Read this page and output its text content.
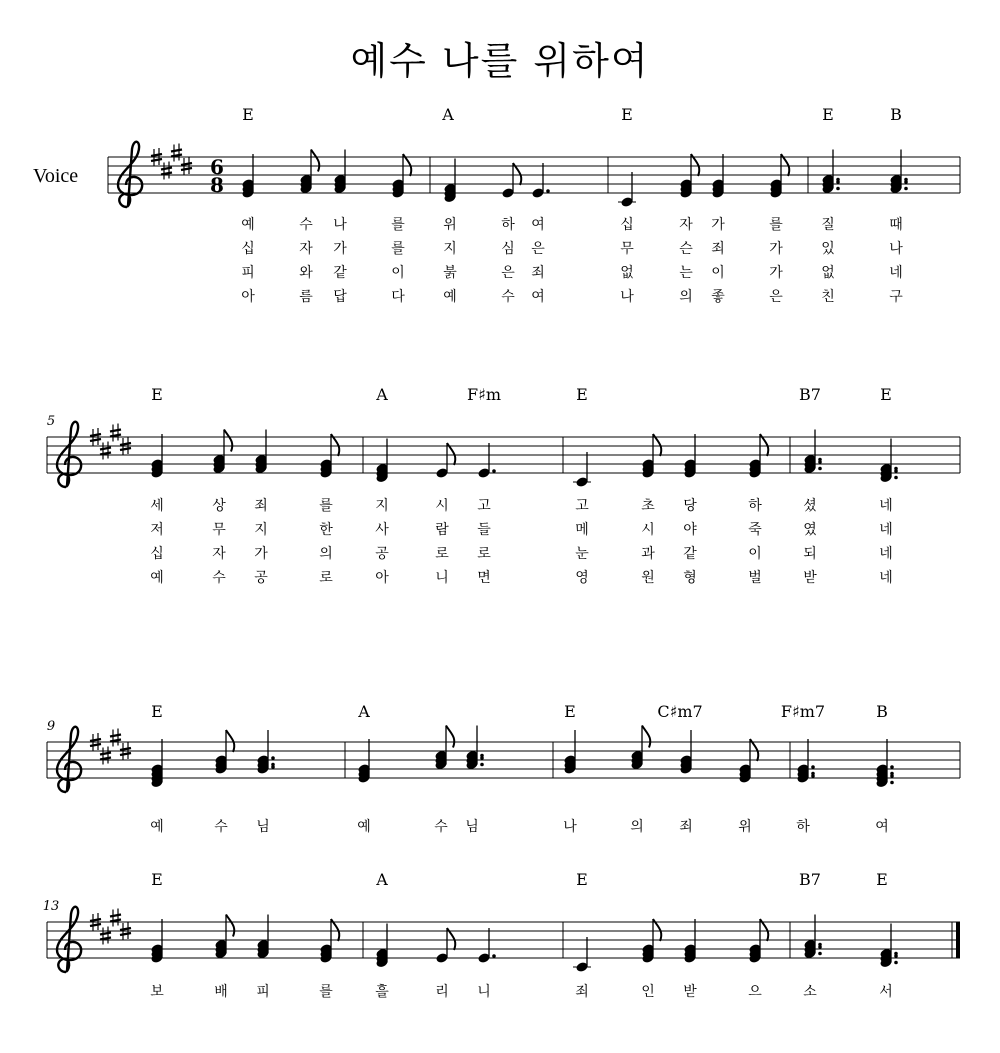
예수 나를 위하여
Voice	6
8
E	A	E	E	B
예	수 나	를	위	하 여	십	자 가	를	질	때
십	자 가	를	지	심 은	무	슨 죄	가	있	나
피	와 같	이	붉	은 죄	없	는 이	가	없	네
아	름 답	다	예	수 여	나	의 좋	은	친	구
5
E	A	F♯m	E	B7	E
세	상 죄	를	지	시 고	고	초 당	하	셨	네
저	무 지	한	사	람 들	메	시 야	죽	였	네
십	자 가	의	공	로 로	눈	과 같	이	되	네
예	수 공	로	아	니 면	영	원 형	벌	받	네
9
E	A	E	C♯m7	F♯m7	B
예	수 님	예	수 님	나	의	죄	위	하	여
13
E	A	E	B7	E
보	배 피	를	흘	리 니	죄	인 받	으	소	서
